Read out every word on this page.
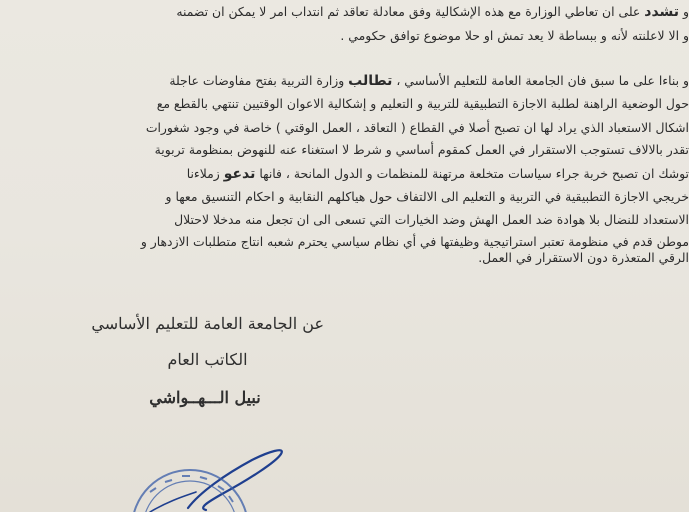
و تشدد على ان تعاطي الوزارة مع هذه الإشكالية وفق معادلة تعاقد ثم انتداب امر لا يمكن ان تضمنه

و الا لاعلنته لأنه و ببساطة لا يعد تمش او حلا موضوع توافق حكومي .

و بناءا على ما سبق فان الجامعة العامة للتعليم الأساسي ، تطالب وزارة التربية بفتح مفاوضات عاجلة

حول الوضعية الراهنة لطلبة الاجازة التطبيقية للتربية و التعليم و إشكالية الاعوان الوقتيين تنتهي بالقطع مع

اشكال الاستعباد الذي يراد لها ان تصبح أصلا في القطاع ( التعاقد ، العمل الوقتي ) خاصة في وجود شغورات

تقدر بالالاف تستوجب الاستقرار في العمل كمقوم أساسي و شرط لا استغناء عنه للنهوض بمنظومة تربوية

توشك ان تصبح خربة جراء سياسات متخلعة مرتهنة للمنظمات و الدول المانحة ، فانها تدعو زملاءنا

خريجي الاجازة التطبيقية في التربية و التعليم الى الالتفاف حول هياكلهم النقابية و احكام التنسيق معها و

الاستعداد للنضال بلا هوادة ضد العمل الهش وضد الخيارات التي تسعى الى ان تجعل منه مدخلا لاحتلال

موطن قدم في منظومة تعتبر استراتيجية وظيفتها في أي نظام سياسي يحترم شعبه انتاج متطلبات الازدهار و

الرقي المتعذرة دون الاستقرار في العمل.

عن الجامعة العامة للتعليم الأساسي
الكاتب العام
نبيل الـــهــواشي
